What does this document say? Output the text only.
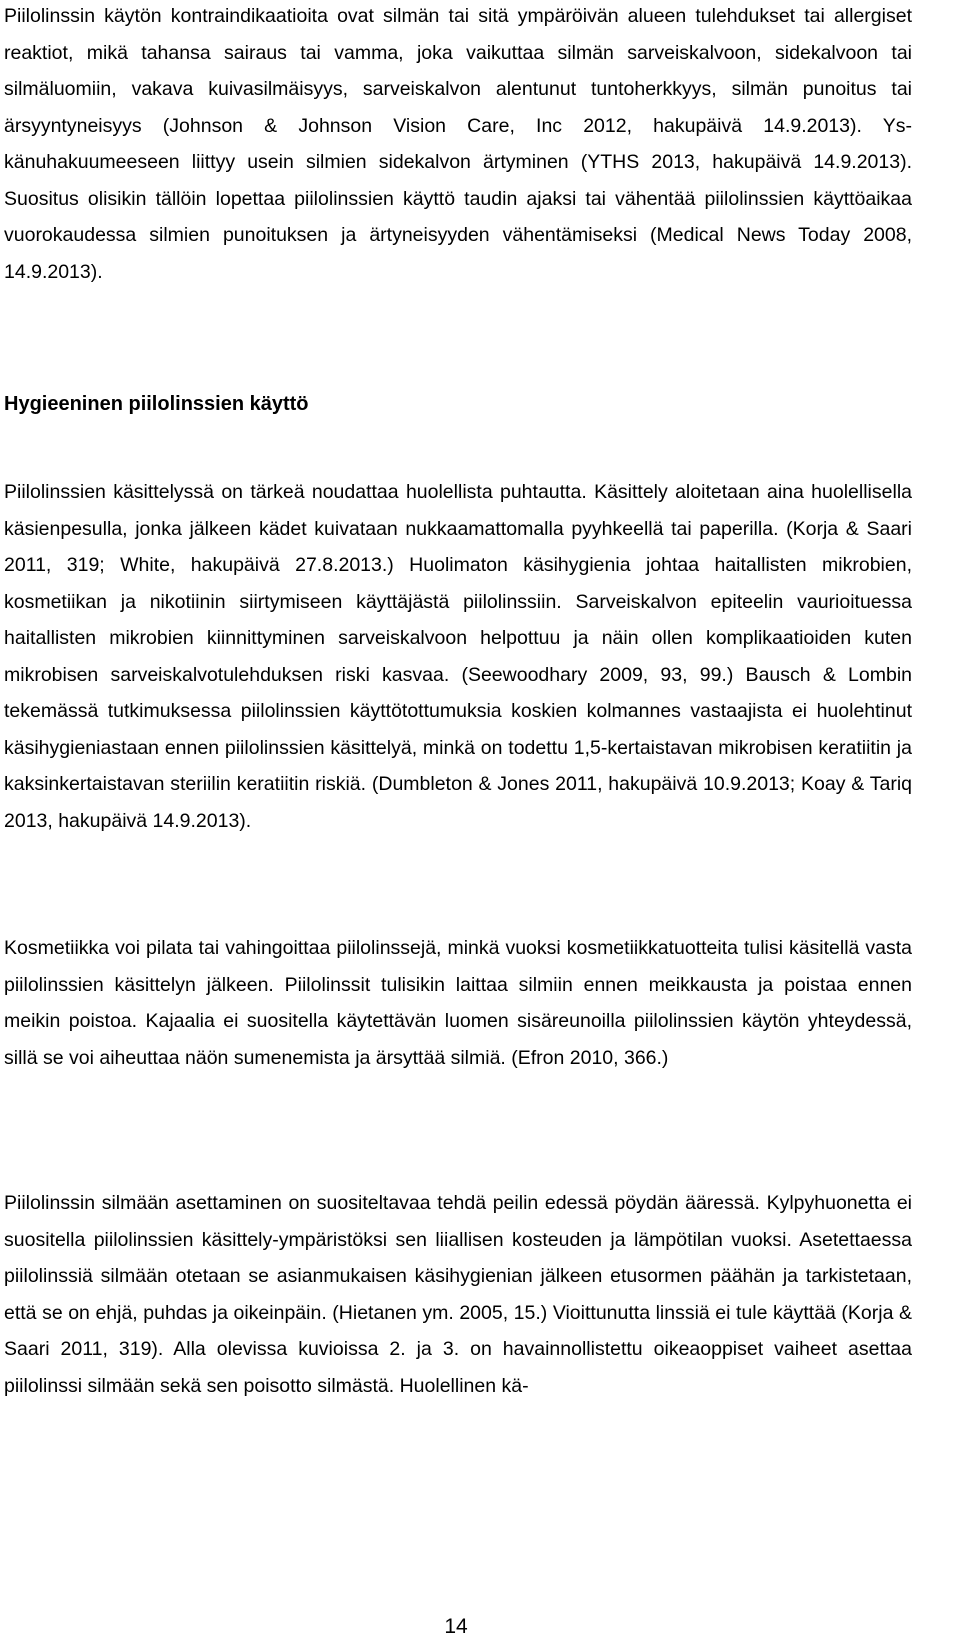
Piilolinssin käytön kontraindikaatioita ovat silmän tai sitä ympäröivän alueen tulehdukset tai allergiset reaktiot, mikä tahansa sairaus tai vamma, joka vaikuttaa silmän sarveiskalvoon, sidekalvoon tai silmäluomiin, vakava kuivasilmäisyys, sarveiskalvon alentunut tuntoherkkyys, silmän punoitus tai ärsyyntyneisyys (Johnson & Johnson Vision Care, Inc 2012, hakupäivä 14.9.2013). Yskänuhakuumeeseen liittyy usein silmien sidekalvon ärtyminen (YTHS 2013, hakupäivä 14.9.2013). Suositus olisikin tällöin lopettaa piilolinssien käyttö taudin ajaksi tai vähentää piilolinssien käyttöaikaa vuorokaudessa silmien punoituksen ja ärtyneisyyden vähentämiseksi (Medical News Today 2008, 14.9.2013).

Hygieeninen piilolinssien käyttö

Piilolinssien käsittelyssä on tärkeä noudattaa huolellista puhtautta. Käsittely aloitetaan aina huolellisella käsienpesulla, jonka jälkeen kädet kuivataan nukkaamattomalla pyyhkeellä tai paperilla. (Korja & Saari 2011, 319; White, hakupäivä 27.8.2013.) Huolimaton käsihygienia johtaa haitallisten mikrobien, kosmetiikan ja nikotiinin siirtymiseen käyttäjästä piilolinssiin. Sarveiskalvon epiteelin vaurioituessa haitallisten mikrobien kiinnittyminen sarveiskalvoon helpottuu ja näin ollen komplikaatioiden kuten mikrobisen sarveiskalvotulehduksen riski kasvaa. (Seewoodhary 2009, 93, 99.) Bausch & Lombin tekemässä tutkimuksessa piilolinssien käyttötottumuksia koskien kolmannes vastaajista ei huolehtinut käsihygieniastaan ennen piilolinssien käsittelyä, minkä on todettu 1,5-kertaistavan mikrobisen keratiitin ja kaksinkertaistavan steriilin keratiitin riskiä. (Dumbleton & Jones 2011, hakupäivä 10.9.2013; Koay & Tariq 2013, hakupäivä 14.9.2013).

Kosmetiikka voi pilata tai vahingoittaa piilolinssejä, minkä vuoksi kosmetiikkatuotteita tulisi käsitellä vasta piilolinssien käsittelyn jälkeen. Piilolinssit tulisikin laittaa silmiin ennen meikkausta ja poistaa ennen meikin poistoa. Kajaalia ei suositella käytettävän luomen sisäreunoilla piilolinssien käytön yhteydessä, sillä se voi aiheuttaa näön sumenemista ja ärsyttää silmiä. (Efron 2010, 366.)

Piilolinssin silmään asettaminen on suositeltavaa tehdä peilin edessä pöydän ääressä. Kylpyhuonetta ei suositella piilolinssien käsittely-ympäristöksi sen liiallisen kosteuden ja lämpötilan vuoksi. Asetettaessa piilolinssiä silmään otetaan se asianmukaisen käsihygienian jälkeen etusormen päähän ja tarkistetaan, että se on ehjä, puhdas ja oikeinpäin. (Hietanen ym. 2005, 15.) Vioittunutta linssiä ei tule käyttää (Korja & Saari 2011, 319). Alla olevissa kuvioissa 2. ja 3. on havainnollistettu oikeaoppiset vaiheet asettaa piilolinssi silmään sekä sen poisotto silmästä. Huolellinen kä-

14
